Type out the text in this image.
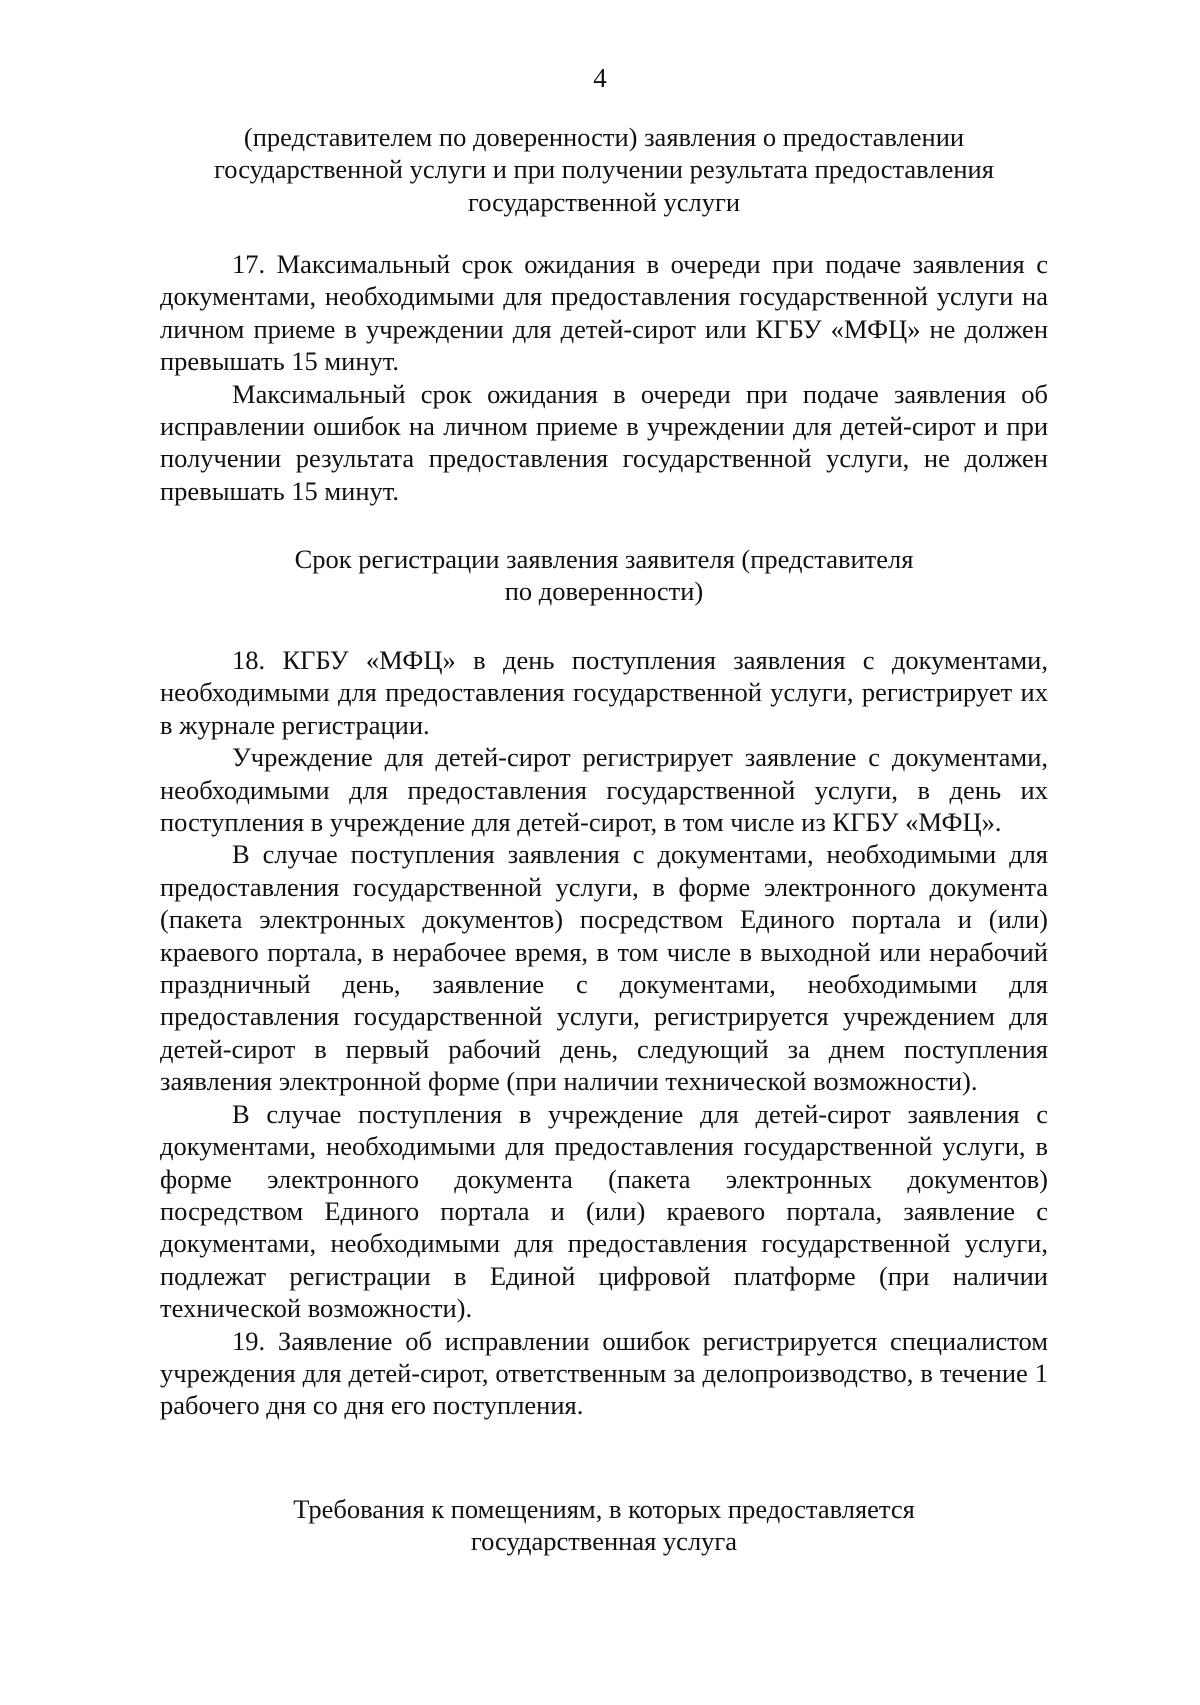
4
(представителем по доверенности) заявления о предоставлении
государственной услуги и при получении результата предоставления
государственной услуги

17. Максимальный срок ожидания в очереди при подаче заявления с документами, необходимыми для предоставления государственной услуги на личном приеме в учреждении для детей-сирот или КГБУ «МФЦ» не должен превышать 15 минут.

Максимальный срок ожидания в очереди при подаче заявления об исправлении ошибок на личном приеме в учреждении для детей-сирот и при получении результата предоставления государственной услуги, не должен превышать 15 минут.

Срок регистрации заявления заявителя (представителя
по доверенности)

18. КГБУ «МФЦ» в день поступления заявления с документами, необходимыми для предоставления государственной услуги, регистрирует их в журнале регистрации.

Учреждение для детей-сирот регистрирует заявление с документами, необходимыми для предоставления государственной услуги, в день их поступления в учреждение для детей-сирот, в том числе из КГБУ «МФЦ».

В случае поступления заявления с документами, необходимыми для предоставления государственной услуги, в форме электронного документа (пакета электронных документов) посредством Единого портала и (или) краевого портала, в нерабочее время, в том числе в выходной или нерабочий праздничный день, заявление с документами, необходимыми для предоставления государственной услуги, регистрируется учреждением для детей-сирот в первый рабочий день, следующий за днем поступления заявления электронной форме (при наличии технической возможности).

В случае поступления в учреждение для детей-сирот заявления с документами, необходимыми для предоставления государственной услуги, в форме электронного документа (пакета электронных документов) посредством Единого портала и (или) краевого портала, заявление с документами, необходимыми для предоставления государственной услуги, подлежат регистрации в Единой цифровой платформе (при наличии технической возможности).

19. Заявление об исправлении ошибок регистрируется специалистом учреждения для детей-сирот, ответственным за делопроизводство, в течение 1 рабочего дня со дня его поступления.

Требования к помещениям, в которых предоставляется
государственная услуга
